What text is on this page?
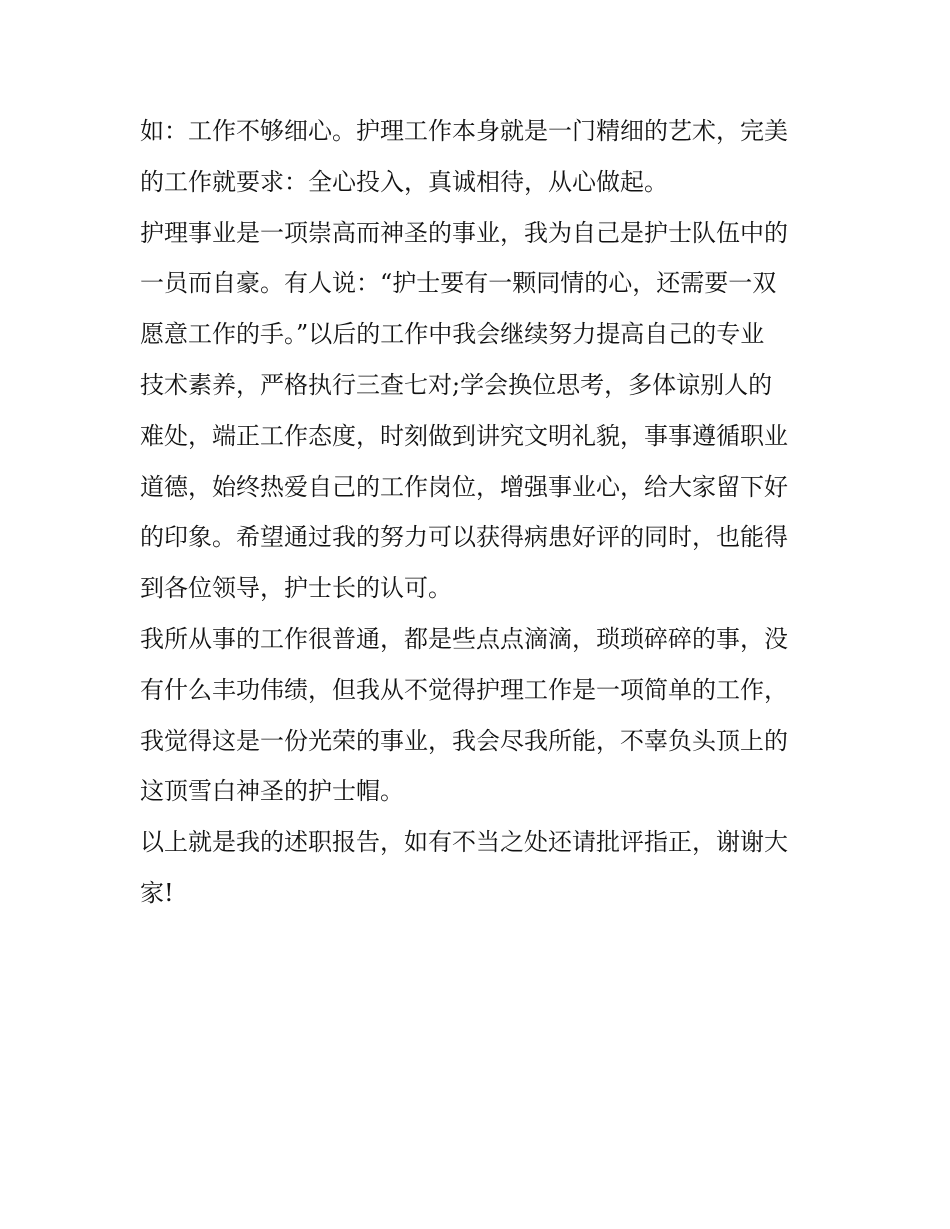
如：工作不够细心。护理工作本身就是一门精细的艺术，完美
的工作就要求：全心投入，真诚相待，从心做起。
护理事业是一项崇高而神圣的事业，我为自己是护士队伍中的
一员而自豪。有人说：“护士要有一颗同情的心，还需要一双
愿意工作的手。”以后的工作中我会继续努力提高自己的专业
技术素养，严格执行三查七对;学会换位思考，多体谅别人的
难处，端正工作态度，时刻做到讲究文明礼貌，事事遵循职业
道德，始终热爱自己的工作岗位，增强事业心，给大家留下好
的印象。希望通过我的努力可以获得病患好评的同时，也能得
到各位领导，护士长的认可。
我所从事的工作很普通，都是些点点滴滴，琐琐碎碎的事，没
有什么丰功伟绩，但我从不觉得护理工作是一项简单的工作，
我觉得这是一份光荣的事业，我会尽我所能，不辜负头顶上的
这顶雪白神圣的护士帽。
以上就是我的述职报告，如有不当之处还请批评指正，谢谢大
家!
